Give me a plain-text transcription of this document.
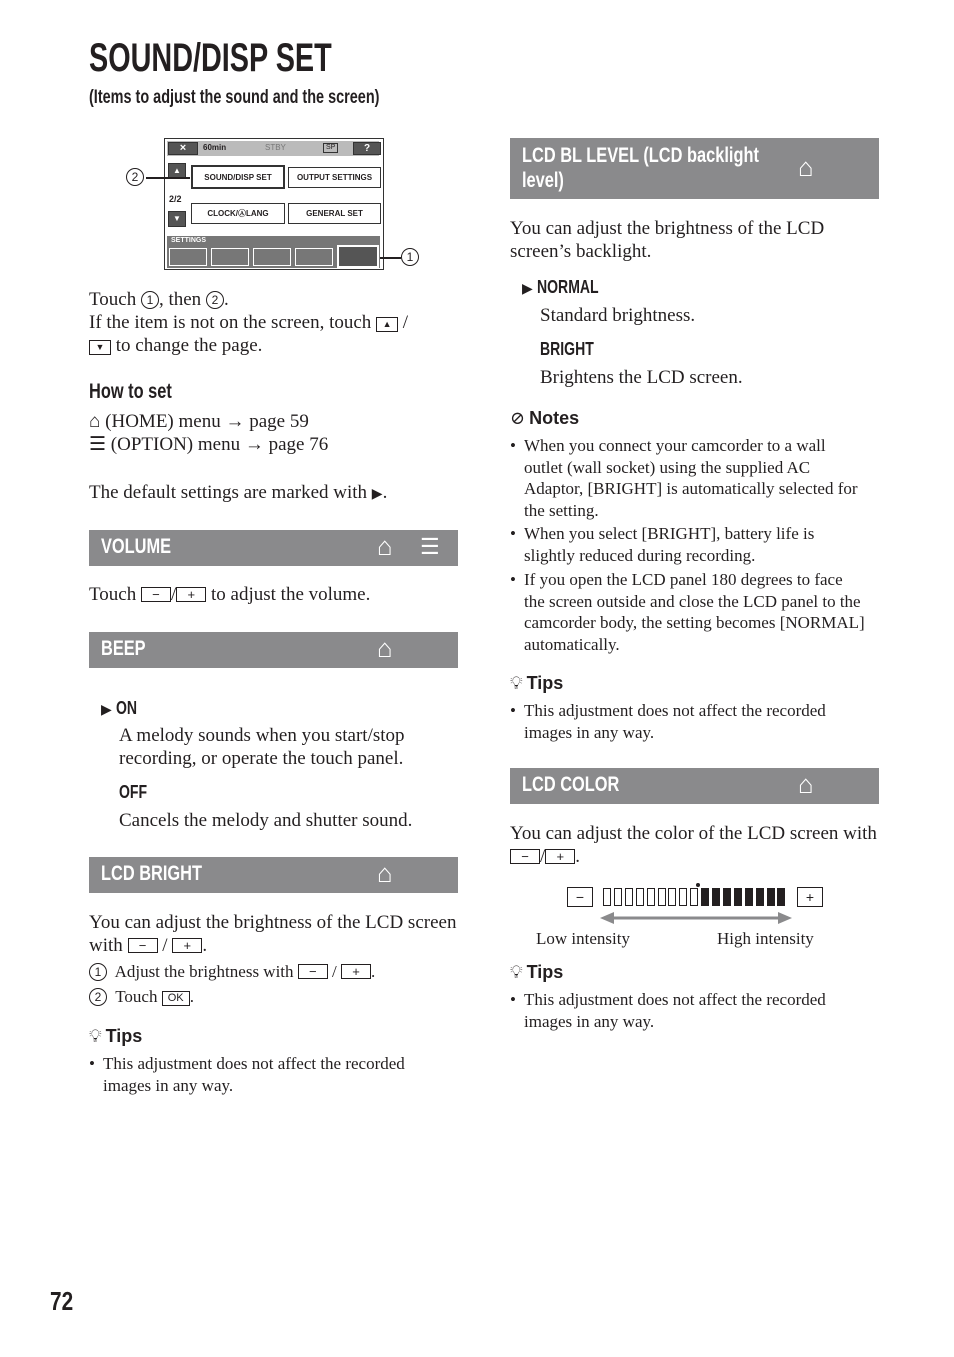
SOUND/DISP SET
(Items to adjust the sound and the screen)
×	60min	STBY	SP	?
▲
2/2
▼
SOUND/DISP SET	OUTPUT SETTINGS
CLOCK/ⒶLANG	GENERAL SET
SETTINGS
2
1
Touch 1 , then 2 .
If the item is not on the screen, touch ▲ /
▼ to change the page.
How to set
⌂ (HOME) menu → page 59
☰ (OPTION) menu → page 76
The default settings are marked with ▶.
VOLUME	⌂ ☰
Touch − / + to adjust the volume.
BEEP	⌂
▶ ON
A melody sounds when you start/stop recording, or operate the touch panel.
OFF
Cancels the melody and shutter sound.
LCD BRIGHT	⌂
You can adjust the brightness of the LCD screen with − / + .
1 Adjust the brightness with − / + .
2 Touch OK .
💡︎ Tips
• This adjustment does not affect the recorded images in any way.
LCD BL LEVEL (LCD backlight
level)	⌂
You can adjust the brightness of the LCD screen’s backlight.
▶ NORMAL
Standard brightness.
BRIGHT
Brightens the LCD screen.
⊘ Notes
• When you connect your camcorder to a wall outlet (wall socket) using the supplied AC Adaptor, [BRIGHT] is automatically selected for the setting.
• When you select [BRIGHT], battery life is slightly reduced during recording.
• If you open the LCD panel 180 degrees to face the screen outside and close the LCD panel to the camcorder body, the setting becomes [NORMAL] automatically.
💡︎ Tips
• This adjustment does not affect the recorded images in any way.
LCD COLOR	⌂
You can adjust the color of the LCD screen with − / + .
−	+
Low intensity	High intensity
💡︎ Tips
• This adjustment does not affect the recorded images in any way.
72
